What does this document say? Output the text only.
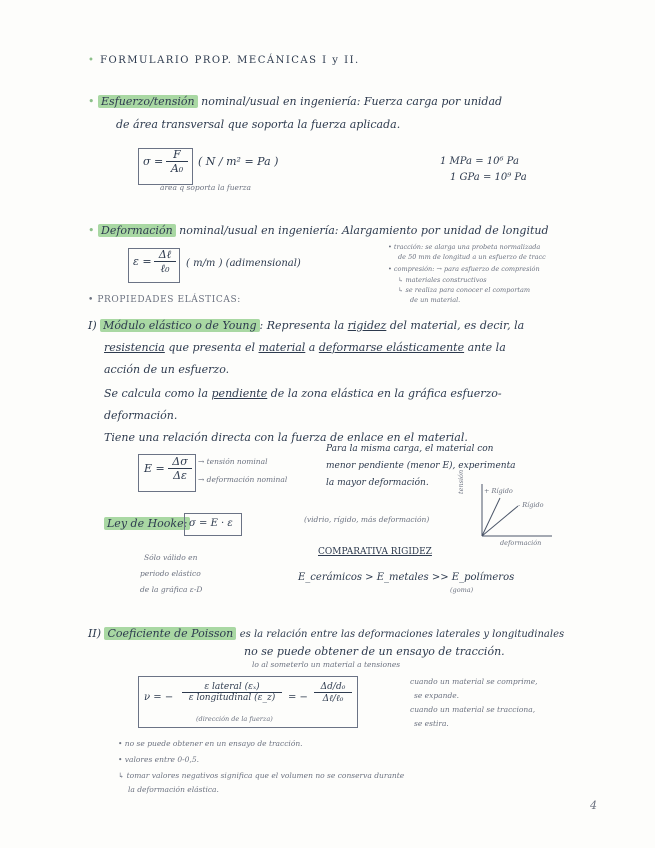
• FORMULARIO PROP. MECÁNICAS I y II.
• Esfuerzo/tensión nominal/usual en ingeniería: Fuerza carga por unidad
de área transversal que soporta la fuerza aplicada.
σ =
F
A₀
( N / m² = Pa )
área q soporta la fuerza
1 MPa = 10⁶ Pa
1 GPa = 10⁹ Pa
• Deformación nominal/usual en ingeniería: Alargamiento por unidad de longitud
ε =
Δℓ
ℓ₀ ( m/m ) (adimensional)
• tracción: se alarga una probeta normalizada
de 50 mm de longitud a un esfuerzo de tracc
• compresión: → para esfuerzo de compresión
↳ materiales constructivos
↳ se realiza para conocer el comportam
de un material.
• PROPIEDADES ELÁSTICAS:
I) Módulo elástico o de Young : Representa la rigidez del material, es decir, la
resistencia que presenta el material a deformarse elásticamente ante la
acción de un esfuerzo.
Se calcula como la pendiente de la zona elástica en la gráfica esfuerzo-
deformación.
Tiene una relación directa con la fuerza de enlace en el material.
E =
Δσ
Δε
→ tensión nominal
→ deformación nominal
Para la misma carga, el material con
menor pendiente (menor E), experimenta
la mayor deformación.
Ley de Hooke: σ = E · ε	(vidrio, rígido, más deformación)
Sólo válido en
periodo elástico
de la gráfica ε-D
tensión	+ Rígido
- Rígido
deformación
COMPARATIVA RIGIDEZ
E_cerámicos > E_metales >> E_polímeros
(goma)
II) Coeficiente de Poisson es la relación entre las deformaciones laterales y longitudinales
no se puede obtener de un ensayo de tracción.
lo al someterlo un material a tensiones
ν = −
ε lateral (εₓ)
ε longitudinal (ε_z)
(dirección de la fuerza)
= −
Δd/d₀
Δℓ/ℓ₀
cuando un material se comprime,
se expande.
cuando un material se tracciona,
se estira.
• no se puede obtener en un ensayo de tracción.
• valores entre 0-0,5.
↳ tomar valores negativos significa que el volumen no se conserva durante
la deformación elástica.
4
